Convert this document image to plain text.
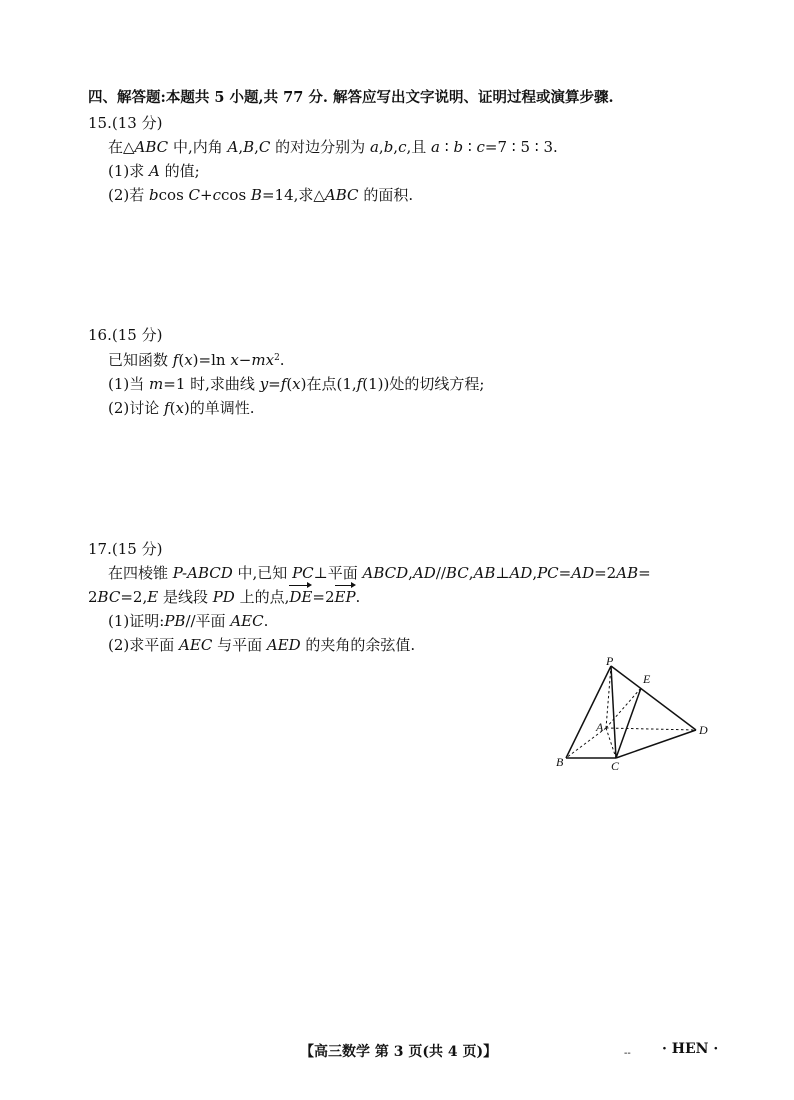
四、解答题:本题共 5 小题,共 77 分. 解答应写出文字说明、证明过程或演算步骤.
15.(13 分)
在△ABC 中,内角 A,B,C 的对边分别为 a,b,c,且 a ∶ b ∶ c=7 ∶ 5 ∶ 3.
(1)求 A 的值;
(2)若 bcos C+ccos B=14,求△ABC 的面积.
16.(15 分)
已知函数 f(x)=ln $x-mx^2$.
(1)当 m=1 时,求曲线 y=f(x)在点(1,f(1))处的切线方程;
(2)讨论 f(x)的单调性.
17.(15 分)
在四棱锥 P-ABCD 中,已知 PC⊥平面 ABCD,AD//BC,AB⊥AD,PC=AD=2AB=
2BC=2,E 是线段 PD 上的点,DE=2EP.
(1)证明:PB//平面 AEC.
(2)求平面 AEC 与平面 AED 的夹角的余弦值.
P
E
A	D
B	C
【高三数学 第 3 页(共 4 页)】	-- · HEN ·
